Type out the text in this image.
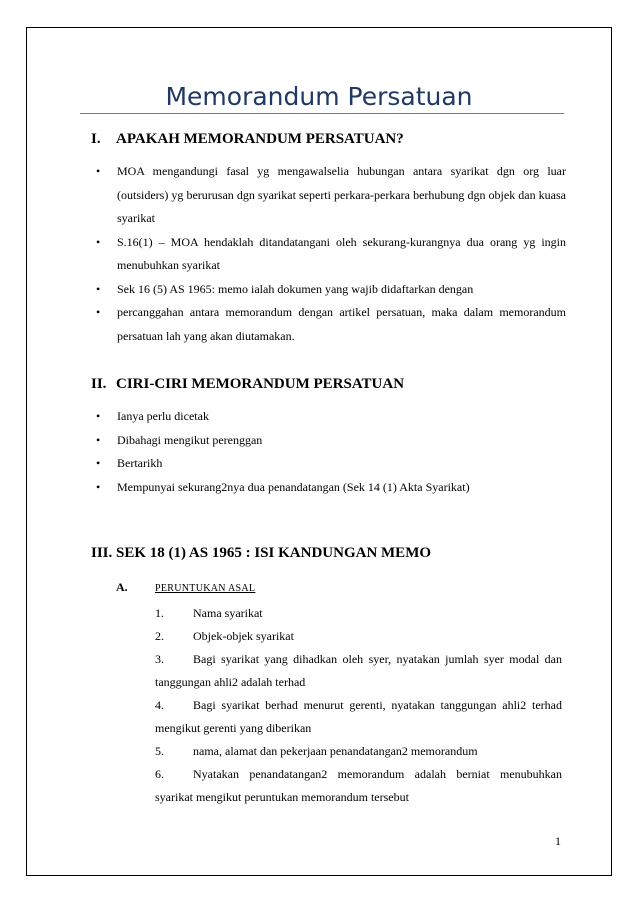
Memorandum Persatuan
I. APAKAH MEMORANDUM PERSATUAN?
• MOA mengandungi fasal yg mengawalselia hubungan antara syarikat dgn org luar (outsiders) yg berurusan dgn syarikat seperti perkara-perkara berhubung dgn objek dan kuasa syarikat
• S.16(1) – MOA hendaklah ditandatangani oleh sekurang-kurangnya dua orang yg ingin menubuhkan syarikat
• Sek 16 (5) AS 1965: memo ialah dokumen yang wajib didaftarkan dengan
• percanggahan antara memorandum dengan artikel persatuan, maka dalam memorandum persatuan lah yang akan diutamakan.
II. CIRI-CIRI MEMORANDUM PERSATUAN
• Ianya perlu dicetak
• Dibahagi mengikut perenggan
• Bertarikh
• Mempunyai sekurang2nya dua penandatangan (Sek 14 (1) Akta Syarikat)
III. SEK 18 (1) AS 1965 : ISI KANDUNGAN MEMO
A.	PERUNTUKAN ASAL
1. Nama syarikat
2. Objek-objek syarikat
3. Bagi syarikat yang dihadkan oleh syer, nyatakan jumlah syer modal dan tanggungan ahli2 adalah terhad
4. Bagi syarikat berhad menurut gerenti, nyatakan tanggungan ahli2 terhad mengikut gerenti yang diberikan
5. nama, alamat dan pekerjaan penandatangan2 memorandum
6. Nyatakan penandatangan2 memorandum adalah berniat menubuhkan syarikat mengikut peruntukan memorandum tersebut
1
